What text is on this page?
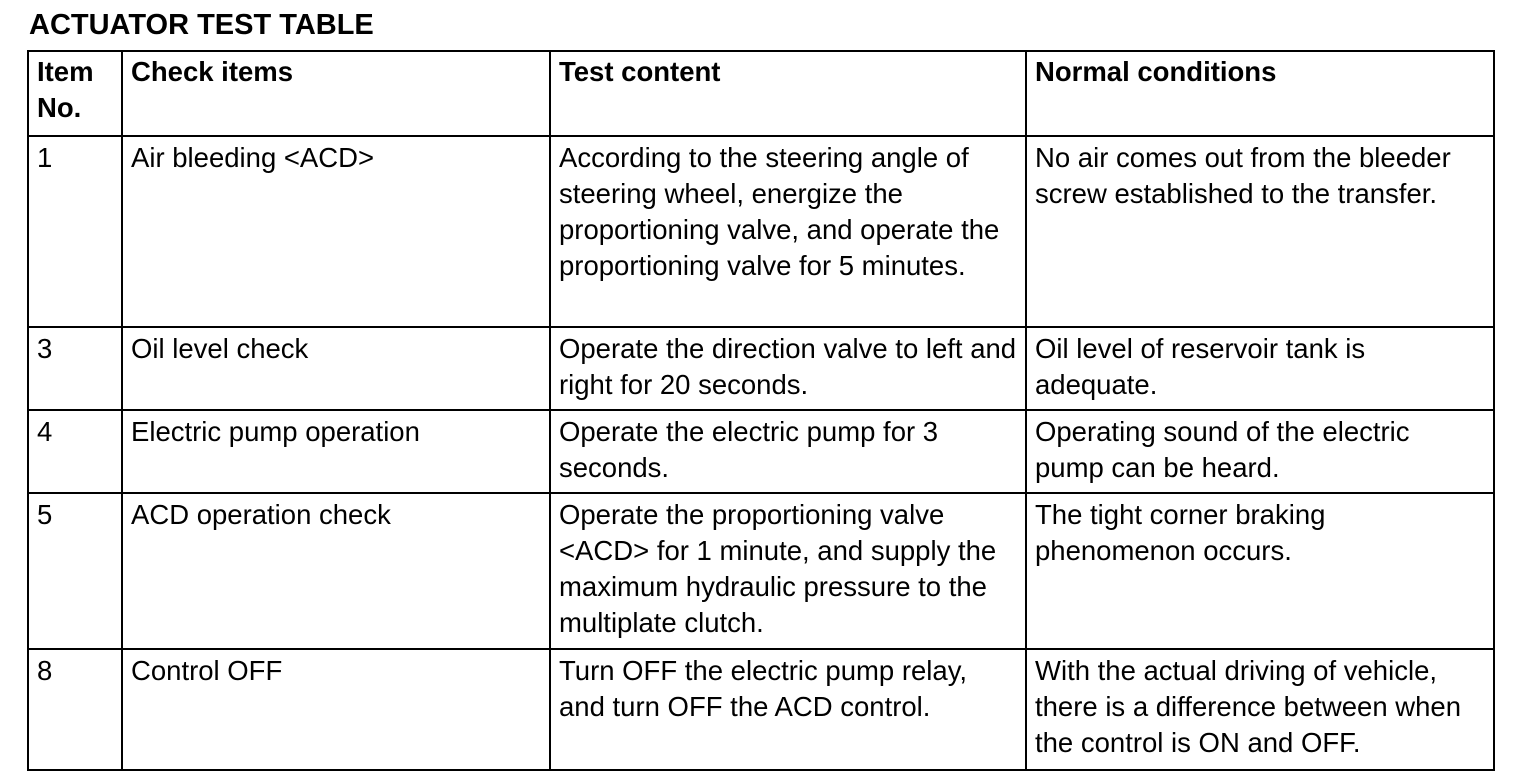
ACTUATOR TEST TABLE
Item No.	Check items	Test content	Normal conditions
1	Air bleeding <ACD>	According to the steering angle of steering wheel, energize the proportioning valve, and operate the proportioning valve for 5 minutes.	No air comes out from the bleeder screw established to the transfer.
3	Oil level check	Operate the direction valve to left and right for 20 seconds.	Oil level of reservoir tank is adequate.
4	Electric pump operation	Operate the electric pump for 3 seconds.	Operating sound of the electric pump can be heard.
5	ACD operation check	Operate the proportioning valve <ACD> for 1 minute, and supply the maximum hydraulic pressure to the multiplate clutch.	The tight corner braking phenomenon occurs.
8	Control OFF	Turn OFF the electric pump relay, and turn OFF the ACD control.	With the actual driving of vehicle, there is a difference between when the control is ON and OFF.
